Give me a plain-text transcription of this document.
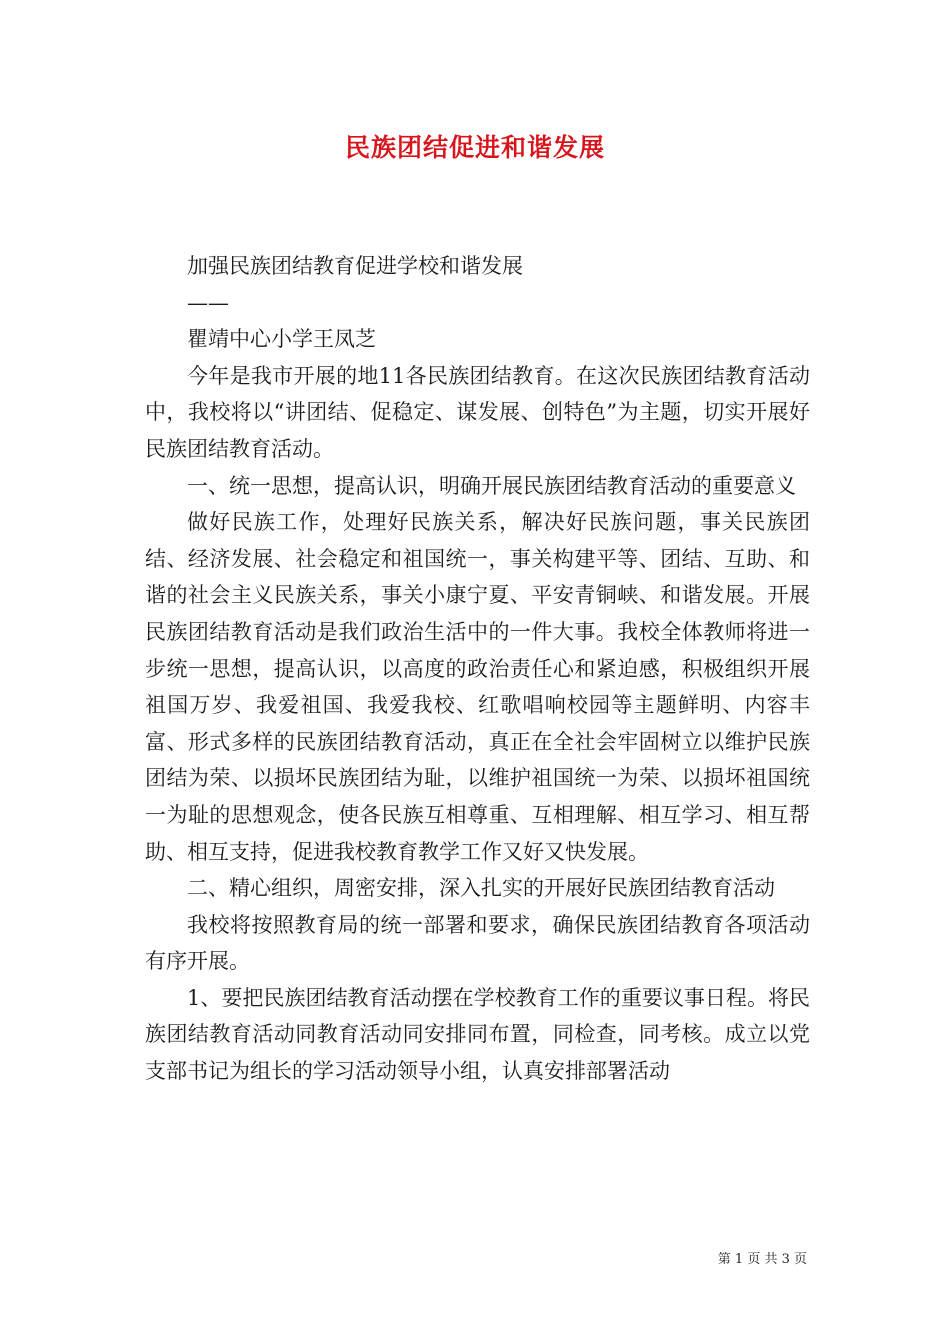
民族团结促进和谐发展

加强民族团结教育促进学校和谐发展

——

瞿靖中心小学王凤芝

今年是我市开展的地11各民族团结教育。在这次民族团结教育活动中，我校将以“讲团结、促稳定、谋发展、创特色”为主题，切实开展好民族团结教育活动。

一、统一思想，提高认识，明确开展民族团结教育活动的重要意义

做好民族工作，处理好民族关系，解决好民族问题，事关民族团结、经济发展、社会稳定和祖国统一，事关构建平等、团结、互助、和谐的社会主义民族关系，事关小康宁夏、平安青铜峡、和谐发展。开展民族团结教育活动是我们政治生活中的一件大事。我校全体教师将进一步统一思想，提高认识，以高度的政治责任心和紧迫感，积极组织开展祖国万岁、我爱祖国、我爱我校、红歌唱响校园等主题鲜明、内容丰富、形式多样的民族团结教育活动，真正在全社会牢固树立以维护民族团结为荣、以损坏民族团结为耻，以维护祖国统一为荣、以损坏祖国统一为耻的思想观念，使各民族互相尊重、互相理解、相互学习、相互帮助、相互支持，促进我校教育教学工作又好又快发展。

二、精心组织，周密安排，深入扎实的开展好民族团结教育活动

我校将按照教育局的统一部署和要求，确保民族团结教育各项活动有序开展。

1、要把民族团结教育活动摆在学校教育工作的重要议事日程。将民族团结教育活动同教育活动同安排同布置，同检查，同考核。成立以党支部书记为组长的学习活动领导小组，认真安排部署活动

第 1 页 共 3 页
